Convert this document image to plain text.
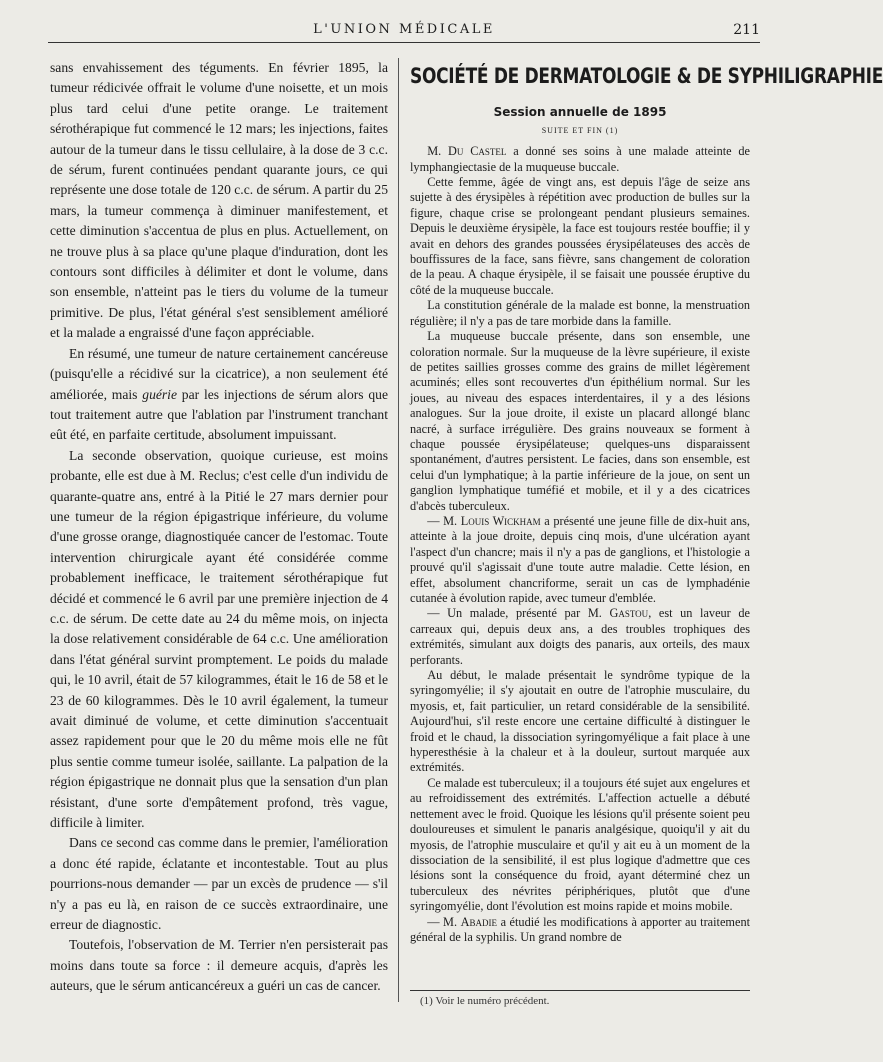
L'UNION MÉDICALE	211

sans envahissement des téguments. En février 1895, la tumeur rédicivée offrait le volume d'une noisette, et un mois plus tard celui d'une petite orange. Le traitement sérothérapique fut commencé le 12 mars; les injections, faites autour de la tumeur dans le tissu cellulaire, à la dose de 3 c.c. de sérum, furent continuées pendant quarante jours, ce qui représente une dose totale de 120 c.c. de sérum. A partir du 25 mars, la tumeur commença à diminuer manifestement, et cette diminution s'accentua de plus en plus. Actuellement, on ne trouve plus à sa place qu'une plaque d'induration, dont les contours sont difficiles à délimiter et dont le volume, dans son ensemble, n'atteint pas le tiers du volume de la tumeur primitive. De plus, l'état général s'est sensiblement amélioré et la malade a engraissé d'une façon appréciable.

En résumé, une tumeur de nature certainement cancéreuse (puisqu'elle a récidivé sur la cicatrice), a non seulement été améliorée, mais guérie par les injections de sérum alors que tout traitement autre que l'ablation par l'instrument tranchant eût été, en parfaite certitude, absolument impuissant.

La seconde observation, quoique curieuse, est moins probante, elle est due à M. Reclus; c'est celle d'un individu de quarante-quatre ans, entré à la Pitié le 27 mars dernier pour une tumeur de la région épigastrique inférieure, du volume d'une grosse orange, diagnostiquée cancer de l'estomac. Toute intervention chirurgicale ayant été considérée comme probablement inefficace, le traitement sérothérapique fut décidé et commencé le 6 avril par une première injection de 4 c.c. de sérum. De cette date au 24 du même mois, on injecta la dose relativement considérable de 64 c.c. Une amélioration dans l'état général survint promptement. Le poids du malade qui, le 10 avril, était de 57 kilogrammes, était le 16 de 58 et le 23 de 60 kilogrammes. Dès le 10 avril également, la tumeur avait diminué de volume, et cette diminution s'accentuait assez rapidement pour que le 20 du même mois elle ne fût plus sentie comme tumeur isolée, saillante. La palpation de la région épigastrique ne donnait plus que la sensation d'un plan résistant, d'une sorte d'empâtement profond, très vague, difficile à limiter.

Dans ce second cas comme dans le premier, l'amélioration a donc été rapide, éclatante et incontestable. Tout au plus pourrions-nous demander — par un excès de prudence — s'il n'y a pas eu là, en raison de ce succès extraordinaire, une erreur de diagnostic.

Toutefois, l'observation de M. Terrier n'en persisterait pas moins dans toute sa force : il demeure acquis, d'après les auteurs, que le sérum anticancéreux a guéri un cas de cancer.

SOCIÉTÉ DE DERMATOLOGIE & DE SYPHILIGRAPHIE
Session annuelle de 1895
SUITE ET FIN (1)

M. Du Castel a donné ses soins à une malade atteinte de lymphangiectasie de la muqueuse buccale.

Cette femme, âgée de vingt ans, est depuis l'âge de seize ans sujette à des érysipèles à répétition avec production de bulles sur la figure, chaque crise se prolongeant pendant plusieurs semaines. Depuis le deuxième érysipèle, la face est toujours restée bouffie; il y avait en dehors des grandes poussées érysipélateuses des accès de bouffissures de la face, sans fièvre, sans changement de coloration de la peau. A chaque érysipèle, il se faisait une poussée éruptive du côté de la muqueuse buccale.

La constitution générale de la malade est bonne, la menstruation régulière; il n'y a pas de tare morbide dans la famille.

La muqueuse buccale présente, dans son ensemble, une coloration normale. Sur la muqueuse de la lèvre supérieure, il existe de petites saillies grosses comme des grains de millet légèrement acuminés; elles sont recouvertes d'un épithélium normal. Sur les joues, au niveau des espaces interdentaires, il y a des lésions analogues. Sur la joue droite, il existe un placard allongé blanc nacré, à surface irrégulière. Des grains nouveaux se forment à chaque poussée érysipélateuse; quelques-uns disparaissent spontanément, d'autres persistent. Le facies, dans son ensemble, est celui d'un lymphatique; à la partie inférieure de la joue, on sent un ganglion lymphatique tuméfié et mobile, et il y a des cicatrices d'abcès tuberculeux.

— M. Louis Wickham a présenté une jeune fille de dix-huit ans, atteinte à la joue droite, depuis cinq mois, d'une ulcération ayant l'aspect d'un chancre; mais il n'y a pas de ganglions, et l'histologie a prouvé qu'il s'agissait d'une toute autre maladie. Cette lésion, en effet, absolument chancriforme, serait un cas de lymphadénie cutanée à évolution rapide, avec tumeur d'emblée.

— Un malade, présenté par M. Gastou, est un laveur de carreaux qui, depuis deux ans, a des troubles trophiques des extrémités, simulant aux doigts des panaris, aux orteils, des maux perforants.

Au début, le malade présentait le syndrôme typique de la syringomyélie; il s'y ajoutait en outre de l'atrophie musculaire, du myosis, et, fait particulier, un retard considérable de la sensibilité. Aujourd'hui, s'il reste encore une certaine difficulté à distinguer le froid et le chaud, la dissociation syringomyélique a fait place à une hyperesthésie à la chaleur et à la douleur, surtout marquée aux extrémités.

Ce malade est tuberculeux; il a toujours été sujet aux engelures et au refroidissement des extrémités. L'affection actuelle a débuté nettement avec le froid. Quoique les lésions qu'il présente soient peu douloureuses et simulent le panaris analgésique, quoiqu'il y ait du myosis, de l'atrophie musculaire et qu'il y ait eu à un moment de la dissociation de la sensibilité, il est plus logique d'admettre que ces lésions sont la conséquence du froid, ayant déterminé chez un tuberculeux des névrites périphériques, plutôt que d'une syringomyélie, dont l'évolution est moins rapide et moins mobile.

— M. Abadie a étudié les modifications à apporter au traitement général de la syphilis. Un grand nombre de

(1) Voir le numéro précédent.
